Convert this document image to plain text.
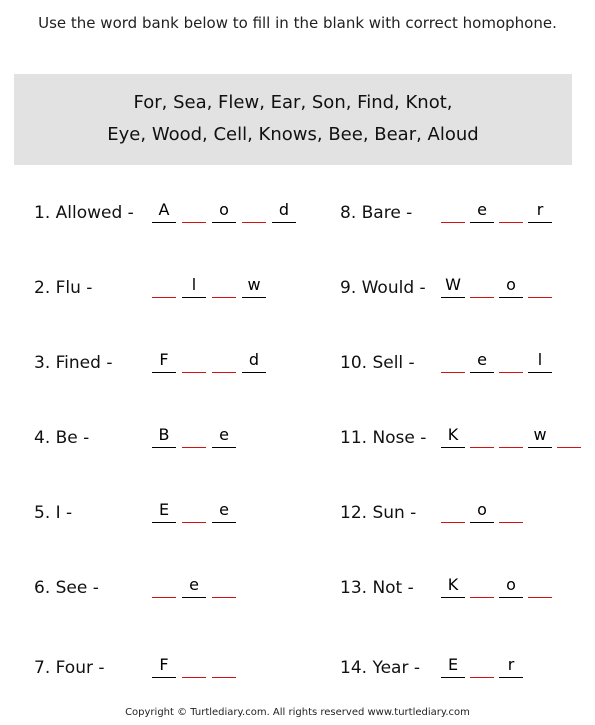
Use the word bank below to fill in the blank with correct homophone.
For, Sea, Flew, Ear, Son, Find, Knot,
Eye, Wood, Cell, Knows, Bee, Bear, Aloud
1. Allowed -	A	o	d
2. Flu -	l	w
3. Fined -	F	d
4. Be -	B	e
5. I -	E	e
6. See -	e
7. Four -	F
8. Bare -	e	r
9. Would - W	o
10. Sell -	e	l
11. Nose -	K	w
12. Sun -	o
13. Not -	K	o
14. Year -	E	r
Copyright © Turtlediary.com. All rights reserved www.turtlediary.com
